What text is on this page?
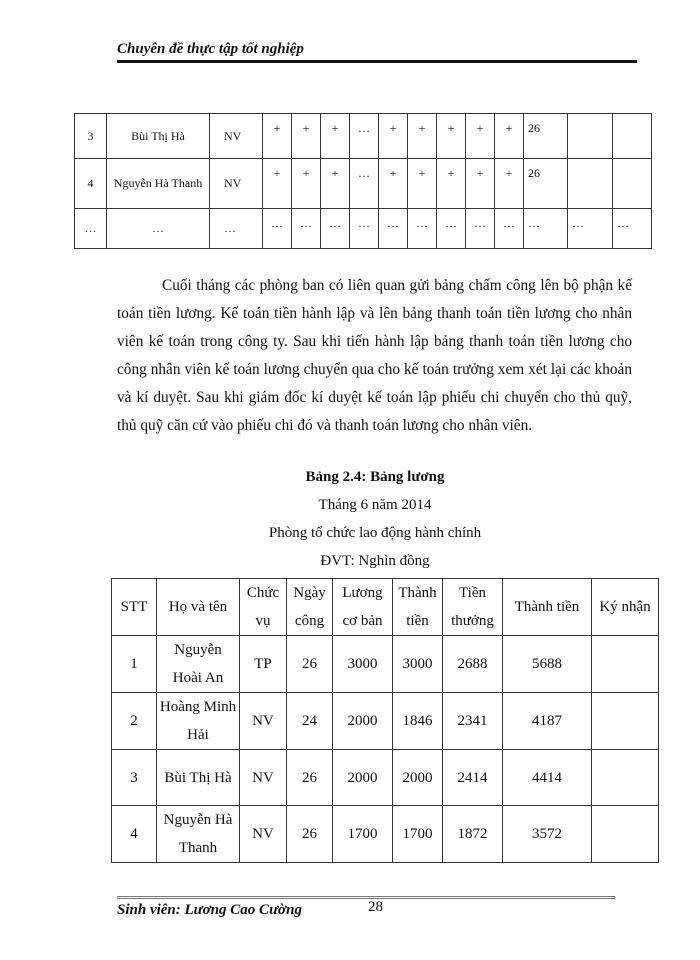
Chuyên đề thực tập tốt nghiệp
3	Bùi Thị Hà	NV	+	+	+	…	+	+	+	+	+	26		
4	Nguyễn Hà Thanh	NV	+	+	+	…	+	+	+	+	+	26		
…	…	…	…	…	…	…	…	…	…	…	…	…	…	…

Cuối tháng các phòng ban có liên quan gửi bảng chấm công lên bộ phận kế toán tiền lương. Kế toán tiền hành lập và lên bảng thanh toán tiền lương cho nhân viên kế toán trong công ty. Sau khi tiến hành lập bảng thanh toán tiền lương cho công nhân viên kế toán lương chuyển qua cho kế toán trưởng xem xét lại các khoản và kí duyệt. Sau khi giám đốc kí duyệt kế toán lập phiếu chi chuyển cho thủ quỹ, thủ quỹ căn cứ vào phiếu chi đó và thanh toán lương cho nhân viên.

Bảng 2.4: Bảng lương
Tháng 6 năm 2014
Phòng tổ chức lao động hành chính
ĐVT: Nghìn đồng
STT	Họ và tên	Chức vụ	Ngày công	Lương cơ bản	Thành tiền	Tiền thưởng	Thành tiền	Ký nhận
1	Nguyễn Hoài An	TP	26	3000	3000	2688	5688	
2	Hoàng Minh Hải	NV	24	2000	1846	2341	4187	
3	Bùi Thị Hà	NV	26	2000	2000	2414	4414	
4	Nguyễn Hà Thanh	NV	26	1700	1700	1872	3572	
Sinh viên: Lương Cao Cường	28
